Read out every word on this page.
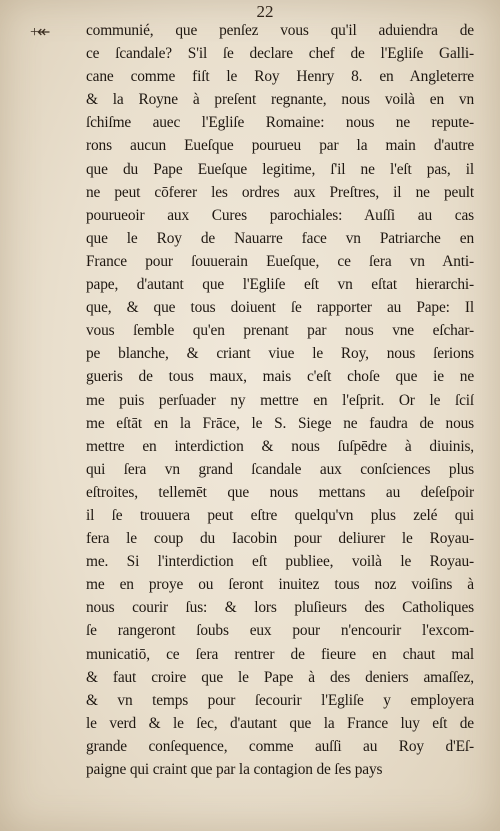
22
+↞ communié, que penſez vous qu'il aduiendra de
ce ſcandale? S'il ſe declare chef de l'Egliſe Galli-
cane comme fiſt le Roy Henry 8. en Angleterre
& la Royne à preſent regnante, nous voilà en vn
ſchiſme auec l'Egliſe Romaine: nous ne repute-
rons aucun Eueſque pourueu par la main d'autre
que du Pape Eueſque legitime, ſ'il ne l'eſt pas, il
ne peut cōferer les ordres aux Preſtres, il ne peult
pourueoir aux Cures parochiales: Auſſi au cas
que le Roy de Nauarre face vn Patriarche en
France pour ſouuerain Eueſque, ce ſera vn Anti-
pape, d'autant que l'Egliſe eſt vn eſtat hierarchi-
que, & que tous doiuent ſe rapporter au Pape: Il
vous ſemble qu'en prenant par nous vne eſchar-
pe blanche, & criant viue le Roy, nous ſerions
gueris de tous maux, mais c'eſt choſe que ie ne
me puis perſuader ny mettre en l'eſprit. Or le ſciſ
me eſtāt en la Frāce, le S. Siege ne faudra de nous
mettre en interdiction & nous ſuſpēdre à diuinis,
qui ſera vn grand ſcandale aux conſciences plus
eſtroites, tellemēt que nous mettans au deſeſpoir
il ſe trouuera peut eſtre quelqu'vn plus zelé qui
fera le coup du Iacobin pour deliurer le Royau-
me. Si l'interdiction eſt publiee, voilà le Royau-
me en proye ou ſeront inuitez tous noz voiſins à
nous courir ſus: & lors pluſieurs des Catholiques
ſe rangeront ſoubs eux pour n'encourir l'excom-
municatiō, ce ſera rentrer de fieure en chaut mal
& faut croire que le Pape à des deniers amaſſez,
& vn temps pour ſecourir l'Egliſe y employera
le verd & le ſec, d'autant que la France luy eſt de
grande conſequence, comme auſſi au Roy d'Eſ-
paigne qui craint que par la contagion de ſes pays
